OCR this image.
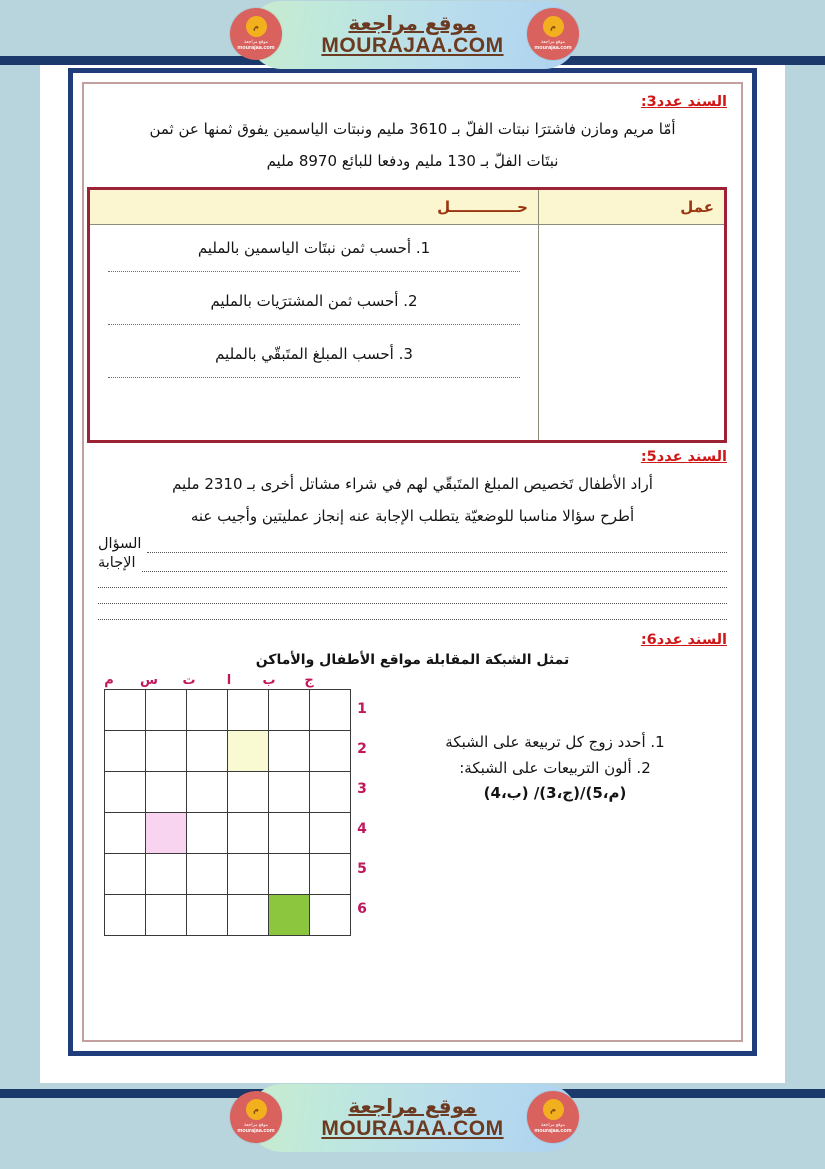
م
موقع مراجعة
mourajaa.com
موقع مراجعة
MOURAJAA.COM
م
موقع مراجعة
mourajaa.com
السند عدد3:

أمّا مريم ومازن فاشترَا نبتات الفلّ بـ 3610 مليم ونبتات الياسمين يفوق ثمنها عن ثمن

نبتَات الفلّ بـ 130 مليم ودفعا للبائع 8970 مليم

عمل	حـــــــــــــل

	1. أحسب ثمن نبتَات الياسمين بالمليم
2. أحسب ثمن المشترَيات بالمليم
3. أحسب المبلغ المتَبقّي بالمليم
السند عدد5:

أراد الأطفال تَخصيص المبلغ المتَبقّي لهم في شراء مشاتل أخرى بـ 2310 مليم

أطرح سؤالا مناسبا للوضعيّة يتطلب الإجابة عنه إنجاز عمليتين وأجيب عنه

السؤال
الإجابة
السند عدد6:
تمثل الشبكة المقابلة مواقع الأطفال والأماكن
ج
ب
ا
ت
س
م
1
2
3
4
5
6

1. أحدد زوج كل تربيعة على الشبكة
2. ألون التربيعات على الشبكة:
(ب،4) /(ج،3)/(م،5)
م
موقع مراجعة
mourajaa.com
موقع مراجعة
MOURAJAA.COM
م
موقع مراجعة
mourajaa.com
